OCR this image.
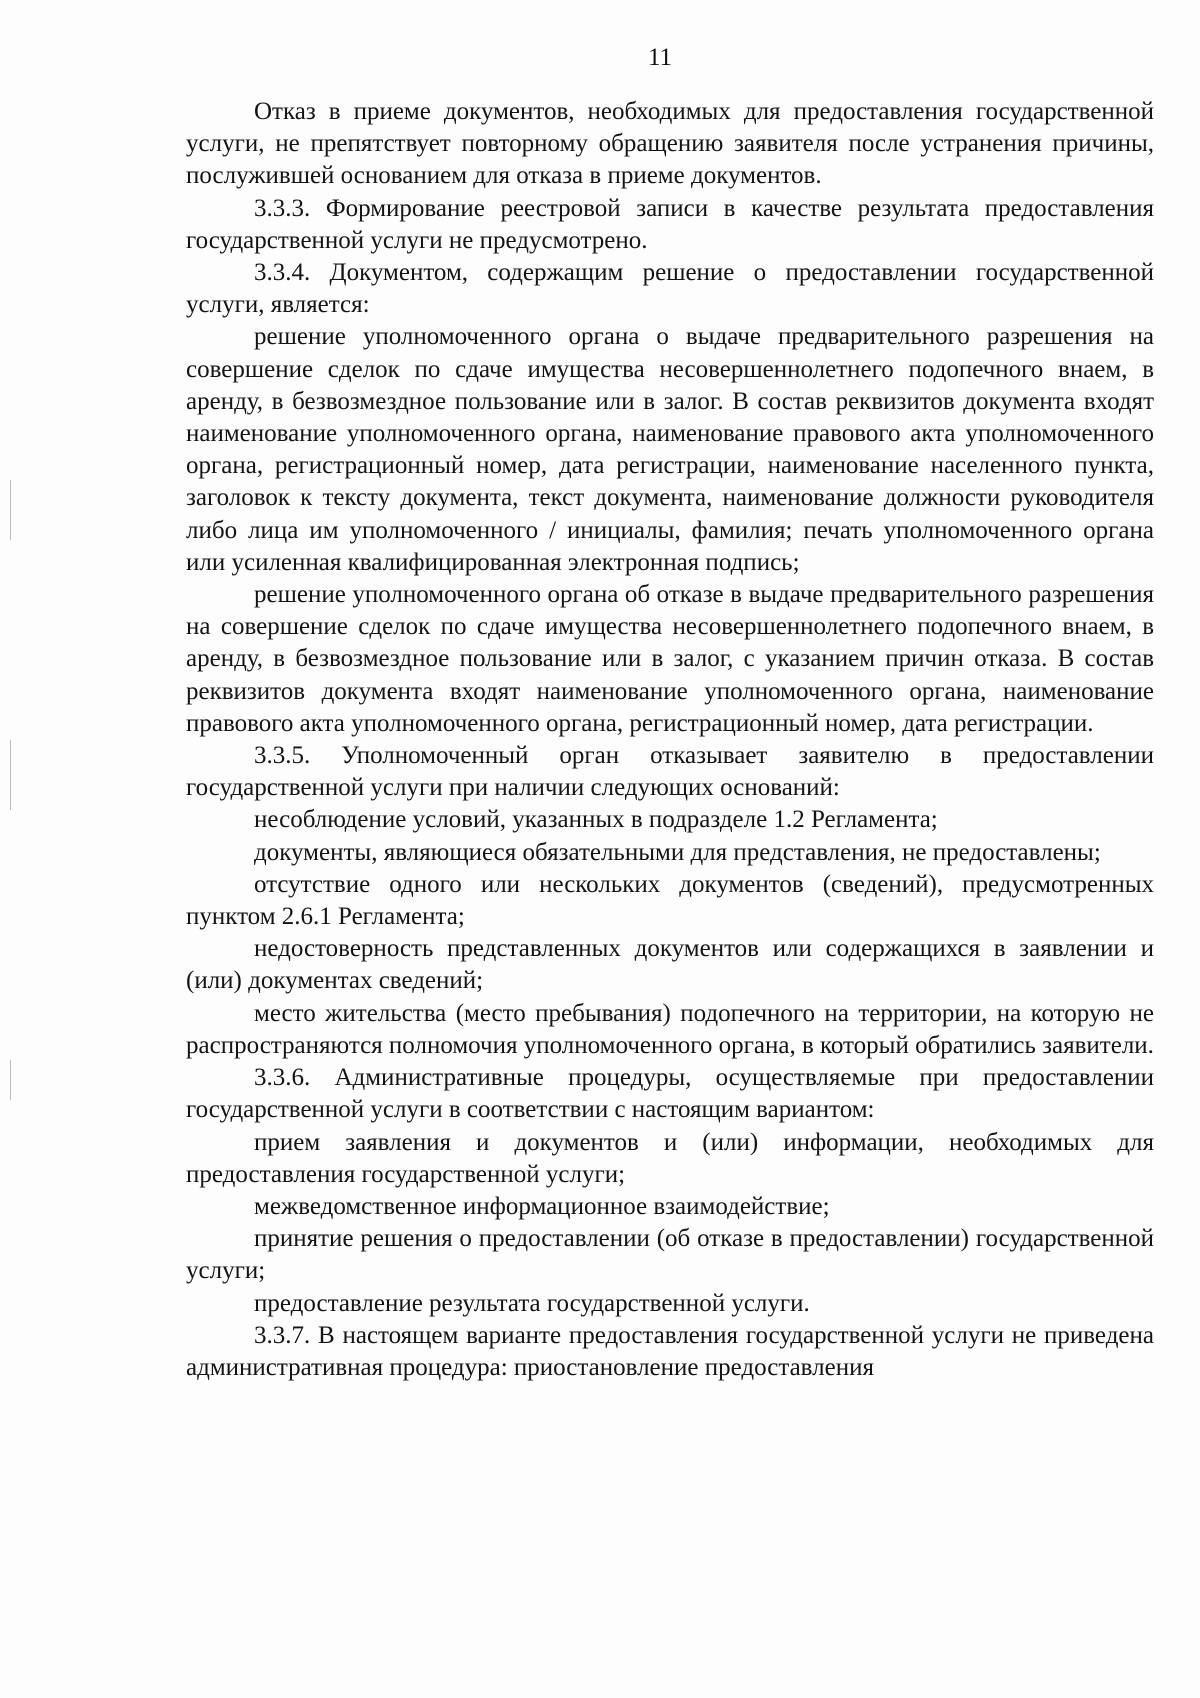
11

Отказ в приеме документов, необходимых для предоставления государственной услуги, не препятствует повторному обращению заявителя после устранения причины, послужившей основанием для отказа в приеме документов.

3.3.3. Формирование реестровой записи в качестве результата предоставления государственной услуги не предусмотрено.

3.3.4. Документом, содержащим решение о предоставлении государственной услуги, является:

решение уполномоченного органа о выдаче предварительного разрешения на совершение сделок по сдаче имущества несовершеннолетнего подопечного внаем, в аренду, в безвозмездное пользование или в залог. В состав реквизитов документа входят наименование уполномоченного органа, наименование правового акта уполномоченного органа, регистрационный номер, дата регистрации, наименование населенного пункта, заголовок к тексту документа, текст документа, наименование должности руководителя либо лица им уполномоченного / инициалы, фамилия; печать уполномоченного органа или усиленная квалифицированная электронная подпись;

решение уполномоченного органа об отказе в выдаче предварительного разрешения на совершение сделок по сдаче имущества несовершеннолетнего подопечного внаем, в аренду, в безвозмездное пользование или в залог, с указанием причин отказа. В состав реквизитов документа входят наименование уполномоченного органа, наименование правового акта уполномоченного органа, регистрационный номер, дата регистрации.

3.3.5. Уполномоченный орган отказывает заявителю в предоставлении государственной услуги при наличии следующих оснований:

несоблюдение условий, указанных в подразделе 1.2 Регламента;

документы, являющиеся обязательными для представления, не предоставлены;

отсутствие одного или нескольких документов (сведений), предусмотренных пунктом 2.6.1 Регламента;

недостоверность представленных документов или содержащихся в заявлении и (или) документах сведений;

место жительства (место пребывания) подопечного на территории, на которую не распространяются полномочия уполномоченного органа, в который обратились заявители.

3.3.6. Административные процедуры, осуществляемые при предоставлении государственной услуги в соответствии с настоящим вариантом:

прием заявления и документов и (или) информации, необходимых для предоставления государственной услуги;

межведомственное информационное взаимодействие;

принятие решения о предоставлении (об отказе в предоставлении) государственной услуги;

предоставление результата государственной услуги.

3.3.7. В настоящем варианте предоставления государственной услуги не приведена административная процедура: приостановление предоставления
